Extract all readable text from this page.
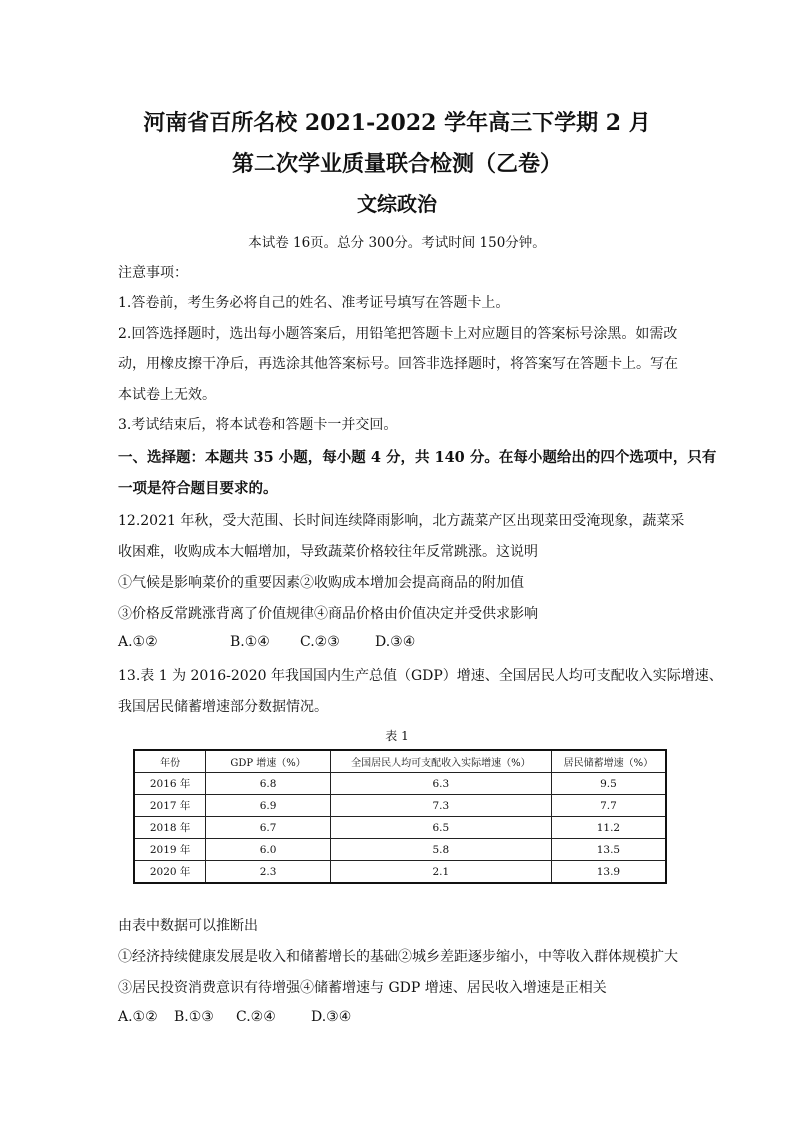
河南省百所名校 2021-2022 学年高三下学期 2 月
第二次学业质量联合检测（乙卷）
文综政治
本试卷 16页。总分 300分。考试时间 150分钟。
注意事项：
1.答卷前，考生务必将自己的姓名、准考证号填写在答题卡上。
2.回答选择题时，选出每小题答案后，用铅笔把答题卡上对应题目的答案标号涂黑。如需改
动，用橡皮擦干净后，再选涂其他答案标号。回答非选择题时，将答案写在答题卡上。写在
本试卷上无效。
3.考试结束后，将本试卷和答题卡一并交回。
一、选择题：本题共 35 小题，每小题 4 分，共 140 分。在每小题给出的四个选项中，只有
一项是符合题目要求的。
12.2021 年秋，受大范围、长时间连续降雨影响，北方蔬菜产区出现菜田受淹现象，蔬菜采
收困难，收购成本大幅增加，导致蔬菜价格较往年反常跳涨。这说明
①气候是影响菜价的重要因素②收购成本增加会提高商品的附加值
③价格反常跳涨背离了价值规律④商品价格由价值决定并受供求影响
A.①②	B.①④ C.②③	D.③④
13.表 1 为 2016-2020 年我国国内生产总值（GDP）增速、全国居民人均可支配收入实际增速、
我国居民储蓄增速部分数据情况。
表 1
年份	GDP 增速（%）	全国居民人均可支配收入实际增速（%）	居民储蓄增速（%）
2016 年	6.8	6.3	9.5
2017 年	6.9	7.3	7.7
2018 年	6.7	6.5	11.2
2019 年	6.0	5.8	13.5
2020 年	2.3	2.1	13.9
由表中数据可以推断出
①经济持续健康发展是收入和储蓄增长的基础②城乡差距逐步缩小，中等收入群体规模扩大
③居民投资消费意识有待增强④储蓄增速与 GDP 增速、居民收入增速是正相关
A.①② B.①③ C.②④	D.③④
